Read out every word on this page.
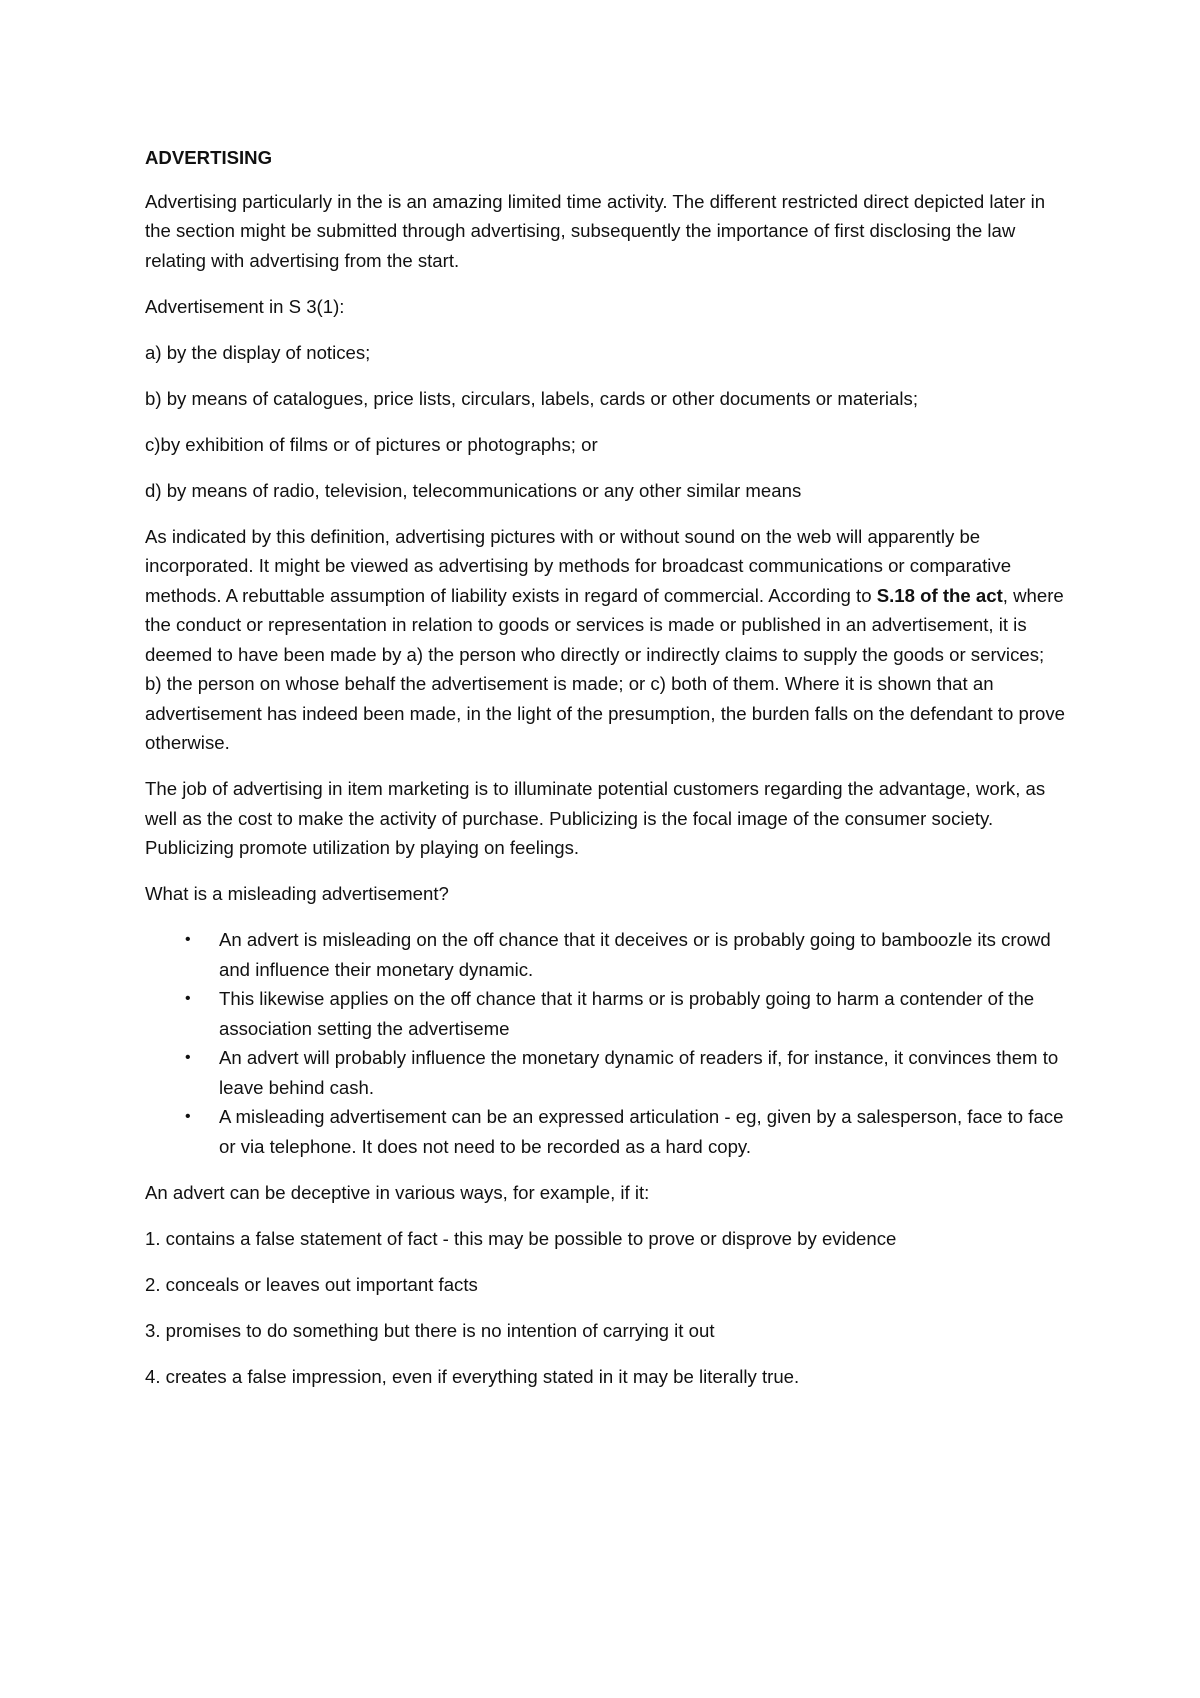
ADVERTISING

Advertising particularly in the is an amazing limited time activity. The different restricted direct depicted later in the section might be submitted through advertising, subsequently the importance of first disclosing the law relating with advertising from the start.

Advertisement in S 3(1):

a) by the display of notices;

b) by means of catalogues, price lists, circulars, labels, cards or other documents or materials;

c)by exhibition of films or of pictures or photographs; or

d) by means of radio, television, telecommunications or any other similar means

As indicated by this definition, advertising pictures with or without sound on the web will apparently be incorporated. It might be viewed as advertising by methods for broadcast communications or comparative methods. A rebuttable assumption of liability exists in regard of commercial. According to S.18 of the act, where the conduct or representation in relation to goods or services is made or published in an advertisement, it is deemed to have been made by a) the person who directly or indirectly claims to supply the goods or services; b) the person on whose behalf the advertisement is made; or c) both of them. Where it is shown that an advertisement has indeed been made, in the light of the presumption, the burden falls on the defendant to prove otherwise.

The job of advertising in item marketing is to illuminate potential customers regarding the advantage, work, as well as the cost to make the activity of purchase. Publicizing is the focal image of the consumer society. Publicizing promote utilization by playing on feelings.

What is a misleading advertisement?

• An advert is misleading on the off chance that it deceives or is probably going to bamboozle its crowd and influence their monetary dynamic.
• This likewise applies on the off chance that it harms or is probably going to harm a contender of the association setting the advertiseme
• An advert will probably influence the monetary dynamic of readers if, for instance, it convinces them to leave behind cash.
• A misleading advertisement can be an expressed articulation - eg, given by a salesperson, face to face or via telephone. It does not need to be recorded as a hard copy.

An advert can be deceptive in various ways, for example, if it:

1. contains a false statement of fact - this may be possible to prove or disprove by evidence

2. conceals or leaves out important facts

3. promises to do something but there is no intention of carrying it out

4. creates a false impression, even if everything stated in it may be literally true.
